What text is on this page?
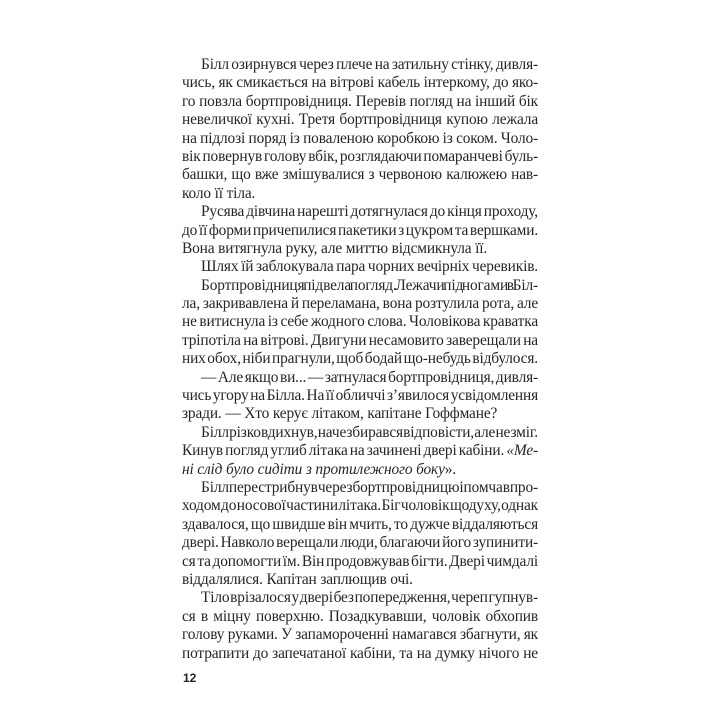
Білл озирнувся через плече на затильну стінку, дивля-
чись, як смикається на вітрові кабель інтеркому, до яко-
го повзла бортпровідниця. Перевів погляд на інший бік
невеличкої кухні. Третя бортпровідниця купою лежала
на підлозі поряд із поваленою коробкою із соком. Чоло-
вік повернув голову вбік, розглядаючи помаранчеві буль-
башки, що вже змішувалися з червоною калюжею нав-
коло її тіла.
Русява дівчина нарешті дотягнулася до кінця проходу,
до її форми причепилися пакетики з цукром та вершками.
Вона витягнула руку, але миттю відсмикнула її.
Шлях їй заблокувала пара чорних вечірніх черевиків.
Бортпровідниця підвела погляд. Лежачи під ногами в Біл-
ла, закривавлена й переламана, вона розтулила рота, але
не витиснула із себе жодного слова. Чоловікова краватка
тріпотіла на вітрові. Двигуни несамовито заверещали на
них обох, ніби прагнули, щоб бодай що-небудь відбулося.
— Але якщо ви... — затнулася бортпровідниця, дивля-
чись угору на Білла. На її обличчі з’явилося усвідомлення
зради. — Хто керує літаком, капітане Гоффмане?
Білл різко вдихнув, наче збирався відповісти, але не зміг.
Кинув погляд углиб літака на зачинені двері кабіни. «Ме-
ні слід було сидіти з протилежного боку».
Білл перестрибнув через бортпровідницю і помчав про-
ходом до носової частини літака. Біг чоловік щодуху, однак
здавалося, що швидше він мчить, то дужче віддаляються
двері. Навколо верещали люди, благаючи його зупинити-
ся та допомогти їм. Він продовжував бігти. Двері чимдалі
віддалялися. Капітан заплющив очі.
Тіло врізалося у двері без попередження, череп гупнув-
ся в міцну поверхню. Позадкувавши, чоловік обхопив
голову руками. У запамороченні намагався збагнути, як
потрапити до запечатаної кабіни, та на думку нічого не
12
